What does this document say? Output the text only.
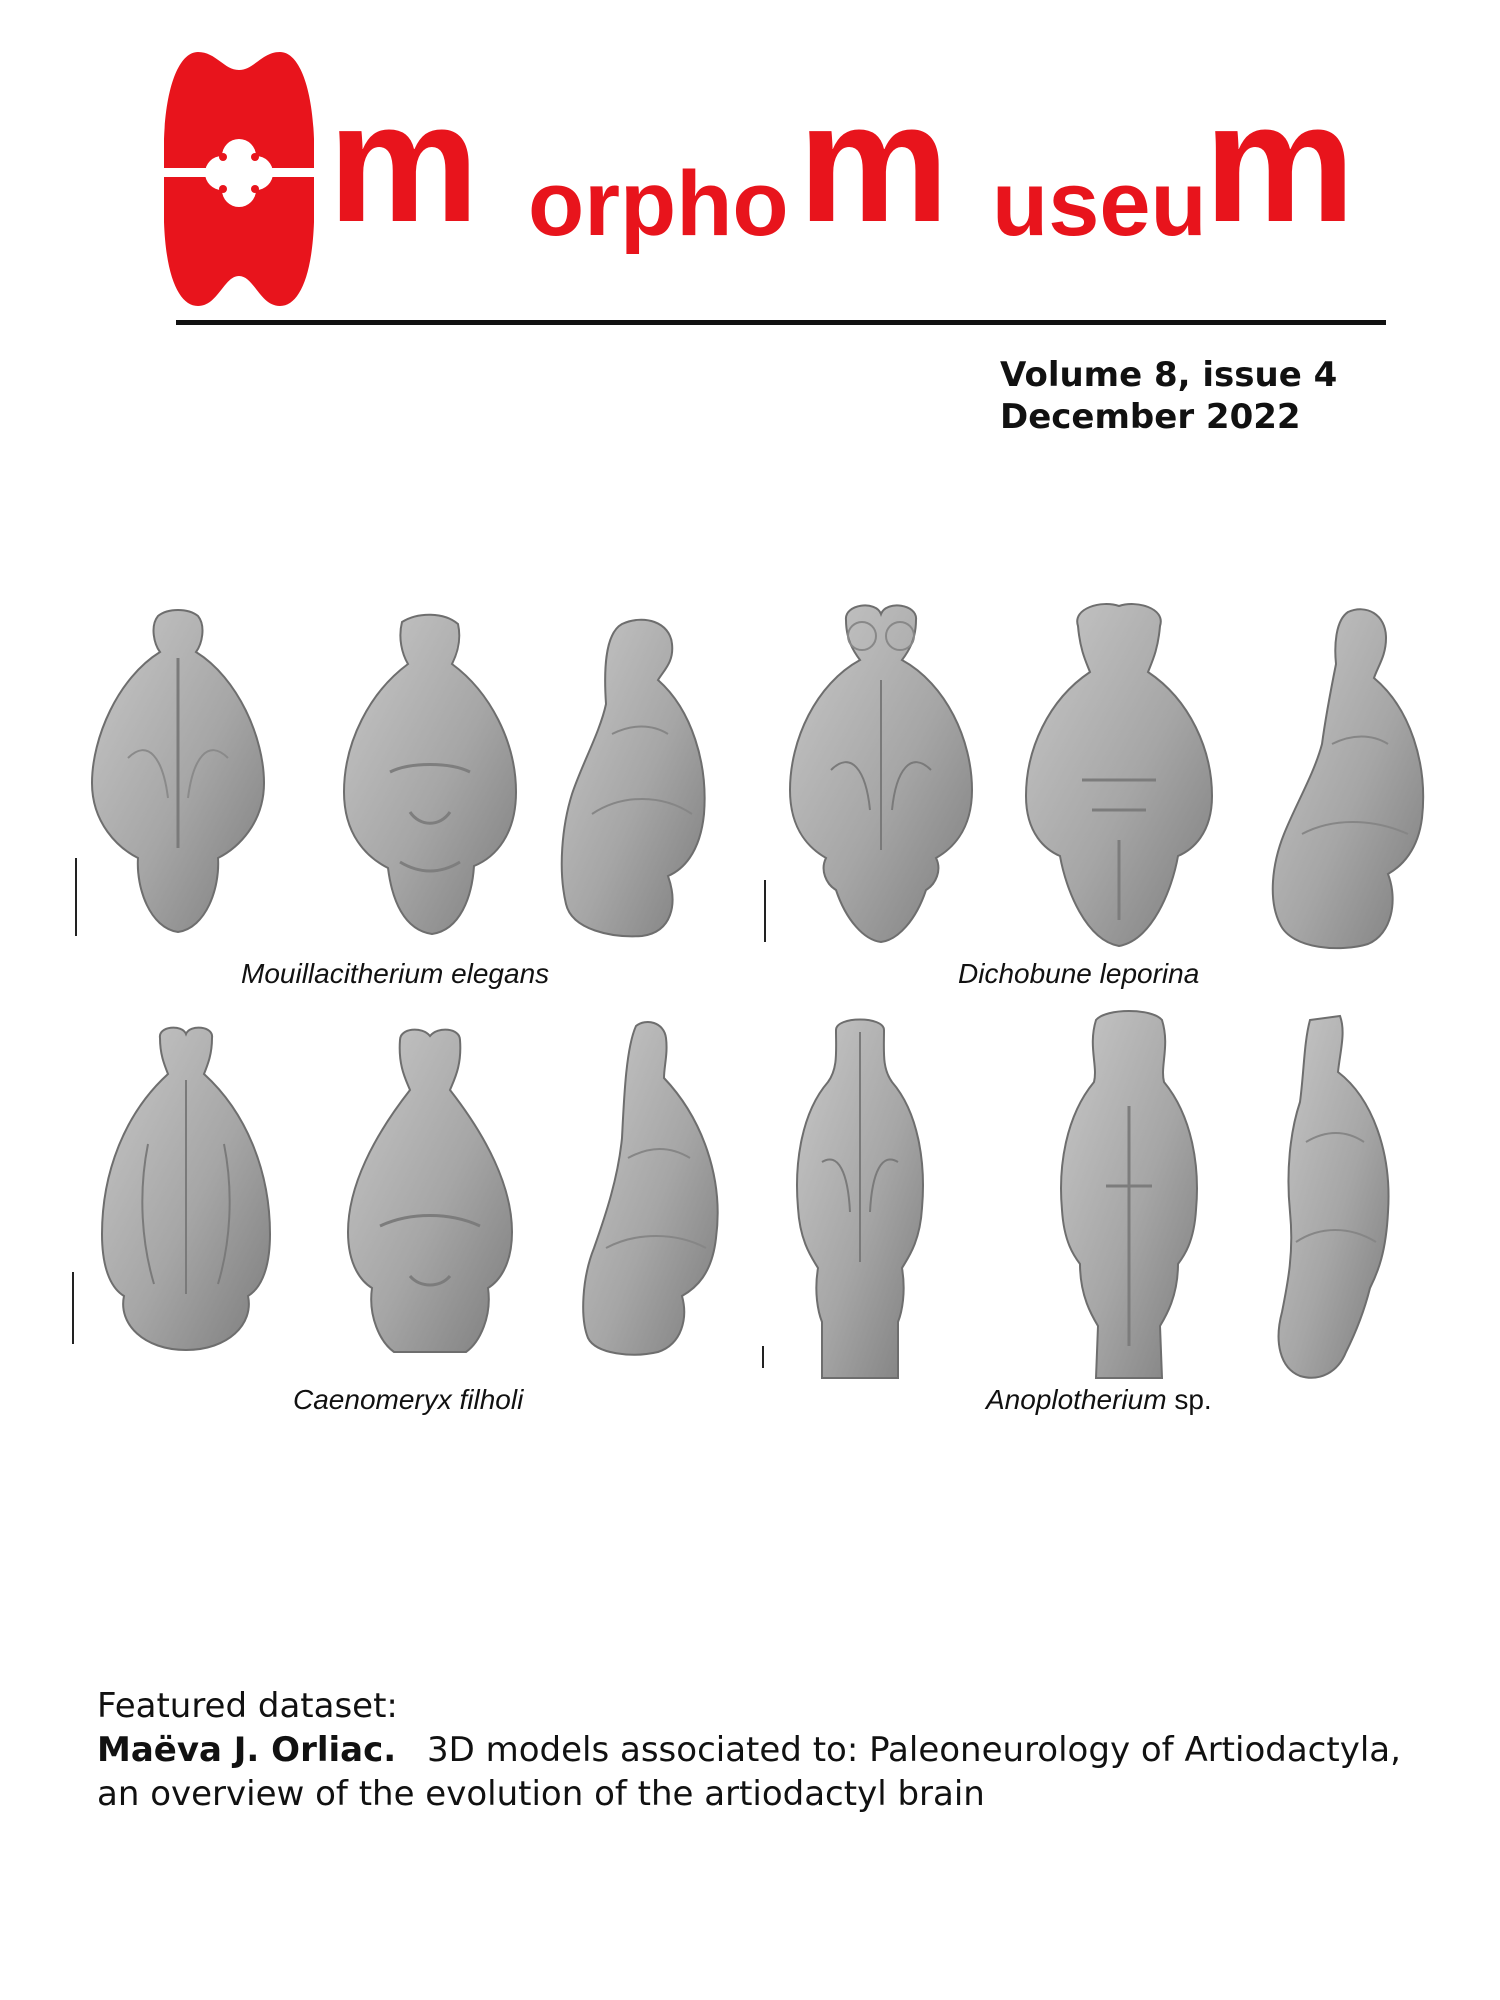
m orpho m useu
m
Volume 8, issue 4
December 2022
Mouillacitherium elegans	Dichobune leporina
Caenomeryx filholi	Anoplotherium sp.
Featured dataset:
Maëva J. Orliac. 3D models associated to: Paleoneurology of Artiodactyla, an overview of the evolution of the artiodactyl brain
